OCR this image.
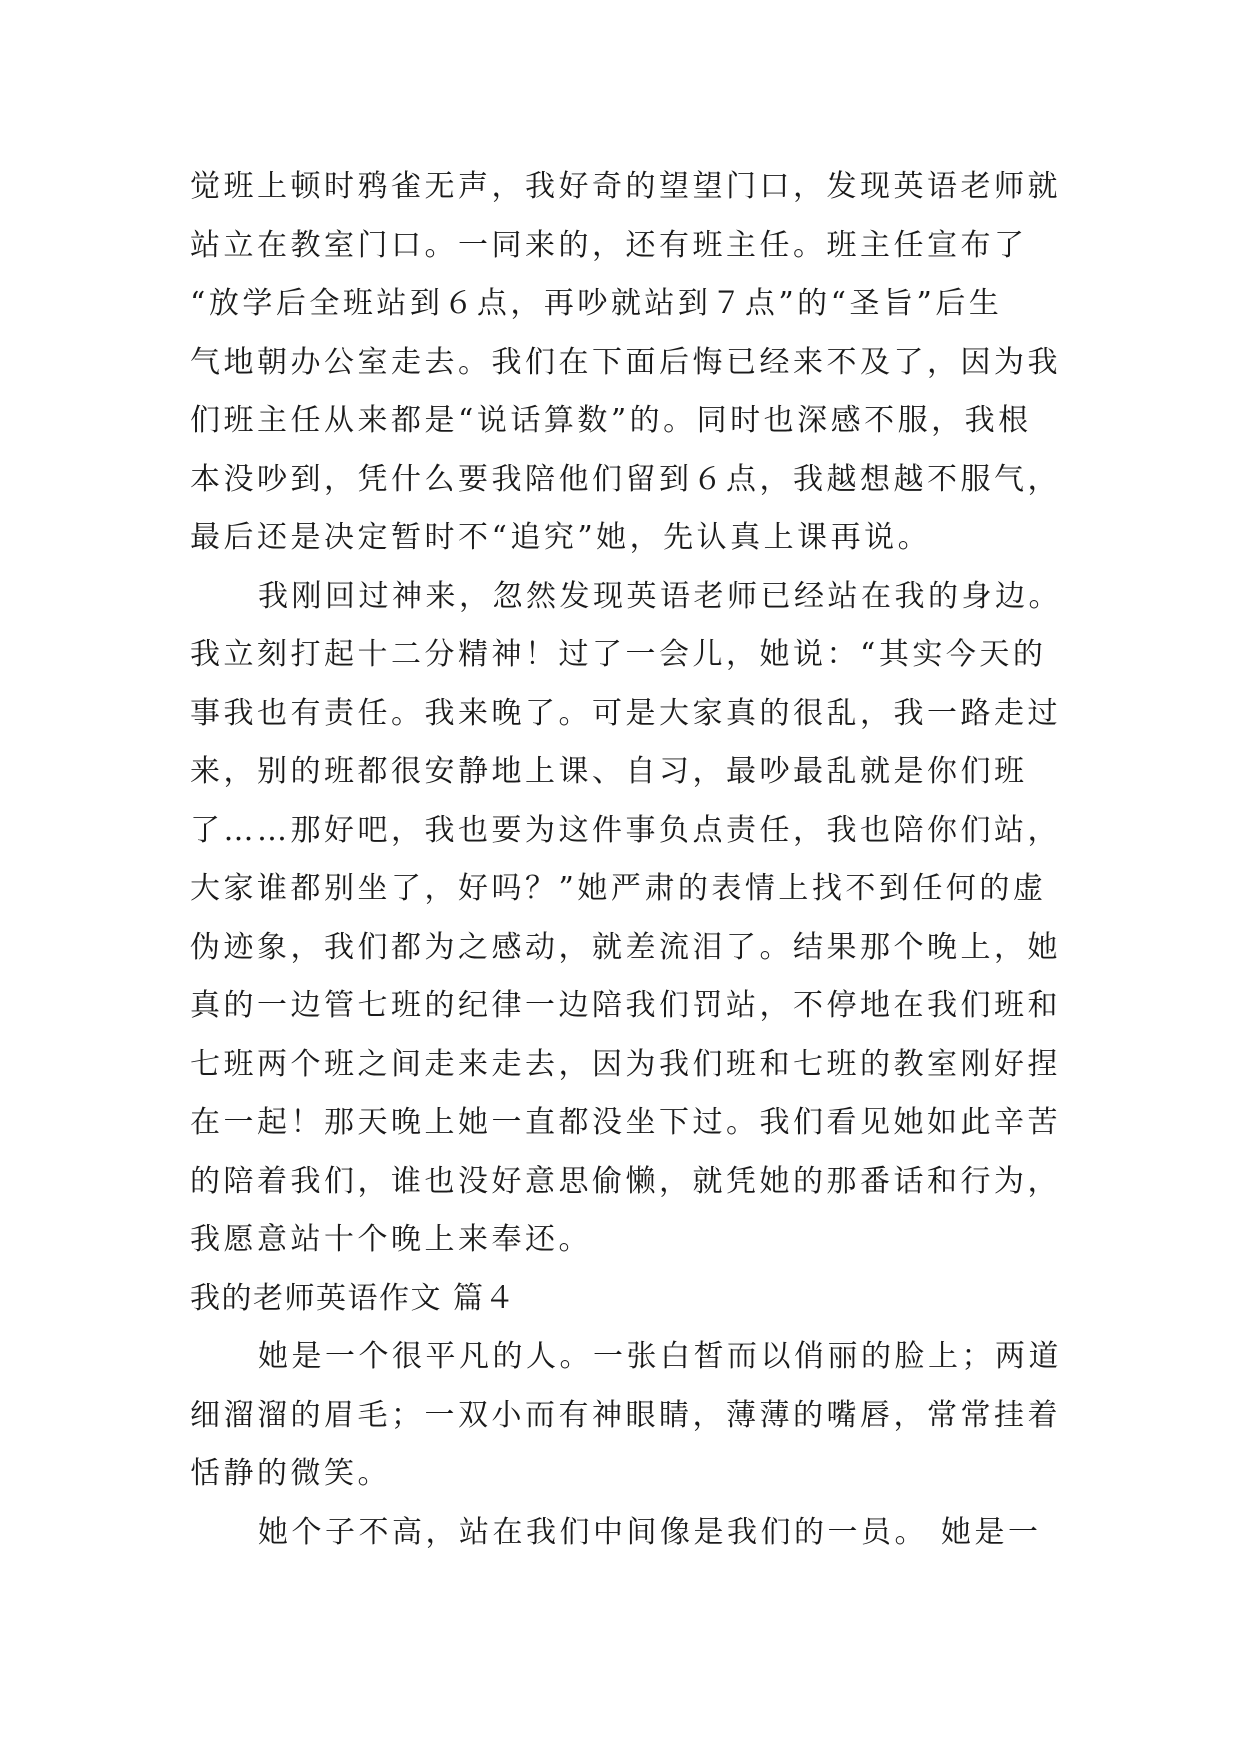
觉班上顿时鸦雀无声，我好奇的望望门口，发现英语老师就
站立在教室门口。一同来的，还有班主任。班主任宣布了
“放学后全班站到６点，再吵就站到７点”的“圣旨”后生
气地朝办公室走去。我们在下面后悔已经来不及了，因为我
们班主任从来都是“说话算数”的。同时也深感不服，我根
本没吵到，凭什么要我陪他们留到６点，我越想越不服气，
最后还是决定暂时不“追究”她，先认真上课再说。
我刚回过神来，忽然发现英语老师已经站在我的身边。
我立刻打起十二分精神！过了一会儿，她说：“其实今天的
事我也有责任。我来晚了。可是大家真的很乱，我一路走过
来，别的班都很安静地上课、自习，最吵最乱就是你们班
了……那好吧，我也要为这件事负点责任，我也陪你们站，
大家谁都别坐了，好吗？”她严肃的表情上找不到任何的虚
伪迹象，我们都为之感动，就差流泪了。结果那个晚上，她
真的一边管七班的纪律一边陪我们罚站，不停地在我们班和
七班两个班之间走来走去，因为我们班和七班的教室刚好捏
在一起！那天晚上她一直都没坐下过。我们看见她如此辛苦
的陪着我们，谁也没好意思偷懒，就凭她的那番话和行为，
我愿意站十个晚上来奉还。
我的老师英语作文 篇４
她是一个很平凡的人。一张白皙而以俏丽的脸上；两道
细溜溜的眉毛；一双小而有神眼睛，薄薄的嘴唇，常常挂着
恬静的微笑。
她个子不高，站在我们中间像是我们的一员。 她是一
